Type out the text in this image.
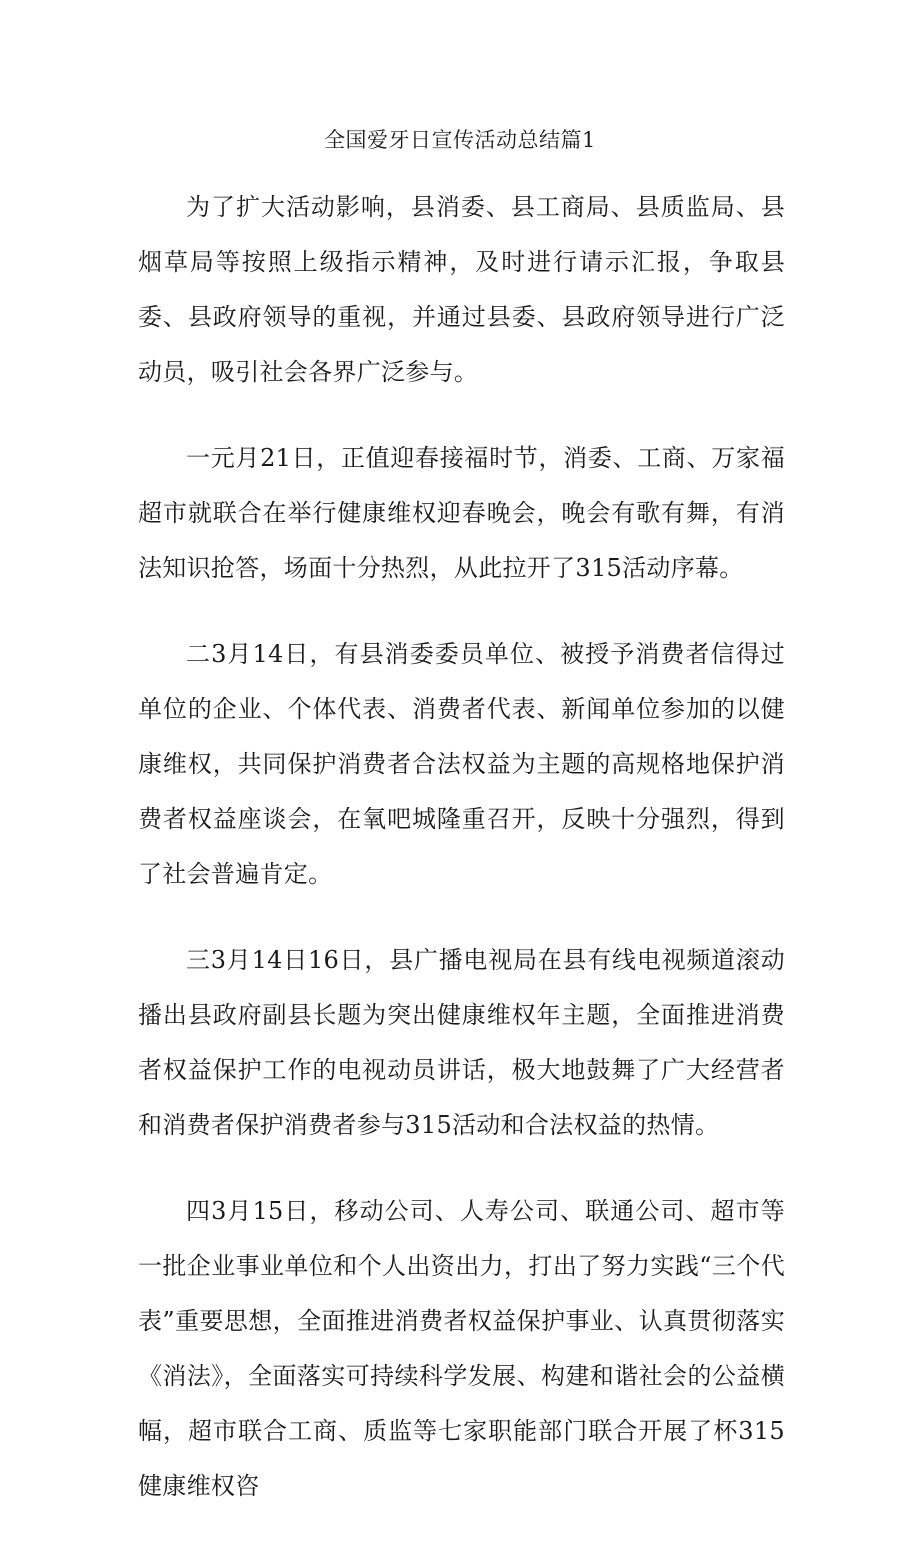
全国爱牙日宣传活动总结篇1

为了扩大活动影响，县消委、县工商局、县质监局、县烟草局等按照上级指示精神，及时进行请示汇报，争取县委、县政府领导的重视，并通过县委、县政府领导进行广泛动员，吸引社会各界广泛参与。

一元月21日，正值迎春接福时节，消委、工商、万家福超市就联合在举行健康维权迎春晚会，晚会有歌有舞，有消法知识抢答，场面十分热烈，从此拉开了315活动序幕。

二3月14日，有县消委委员单位、被授予消费者信得过单位的企业、个体代表、消费者代表、新闻单位参加的以健康维权，共同保护消费者合法权益为主题的高规格地保护消费者权益座谈会，在氧吧城隆重召开，反映十分强烈，得到了社会普遍肯定。

三3月14日16日，县广播电视局在县有线电视频道滚动播出县政府副县长题为突出健康维权年主题，全面推进消费者权益保护工作的电视动员讲话，极大地鼓舞了广大经营者和消费者保护消费者参与315活动和合法权益的热情。

四3月15日，移动公司、人寿公司、联通公司、超市等一批企业事业单位和个人出资出力，打出了努力实践“三个代表”重要思想，全面推进消费者权益保护事业、认真贯彻落实《消法》，全面落实可持续科学发展、构建和谐社会的公益横幅，超市联合工商、质监等七家职能部门联合开展了杯315健康维权咨
